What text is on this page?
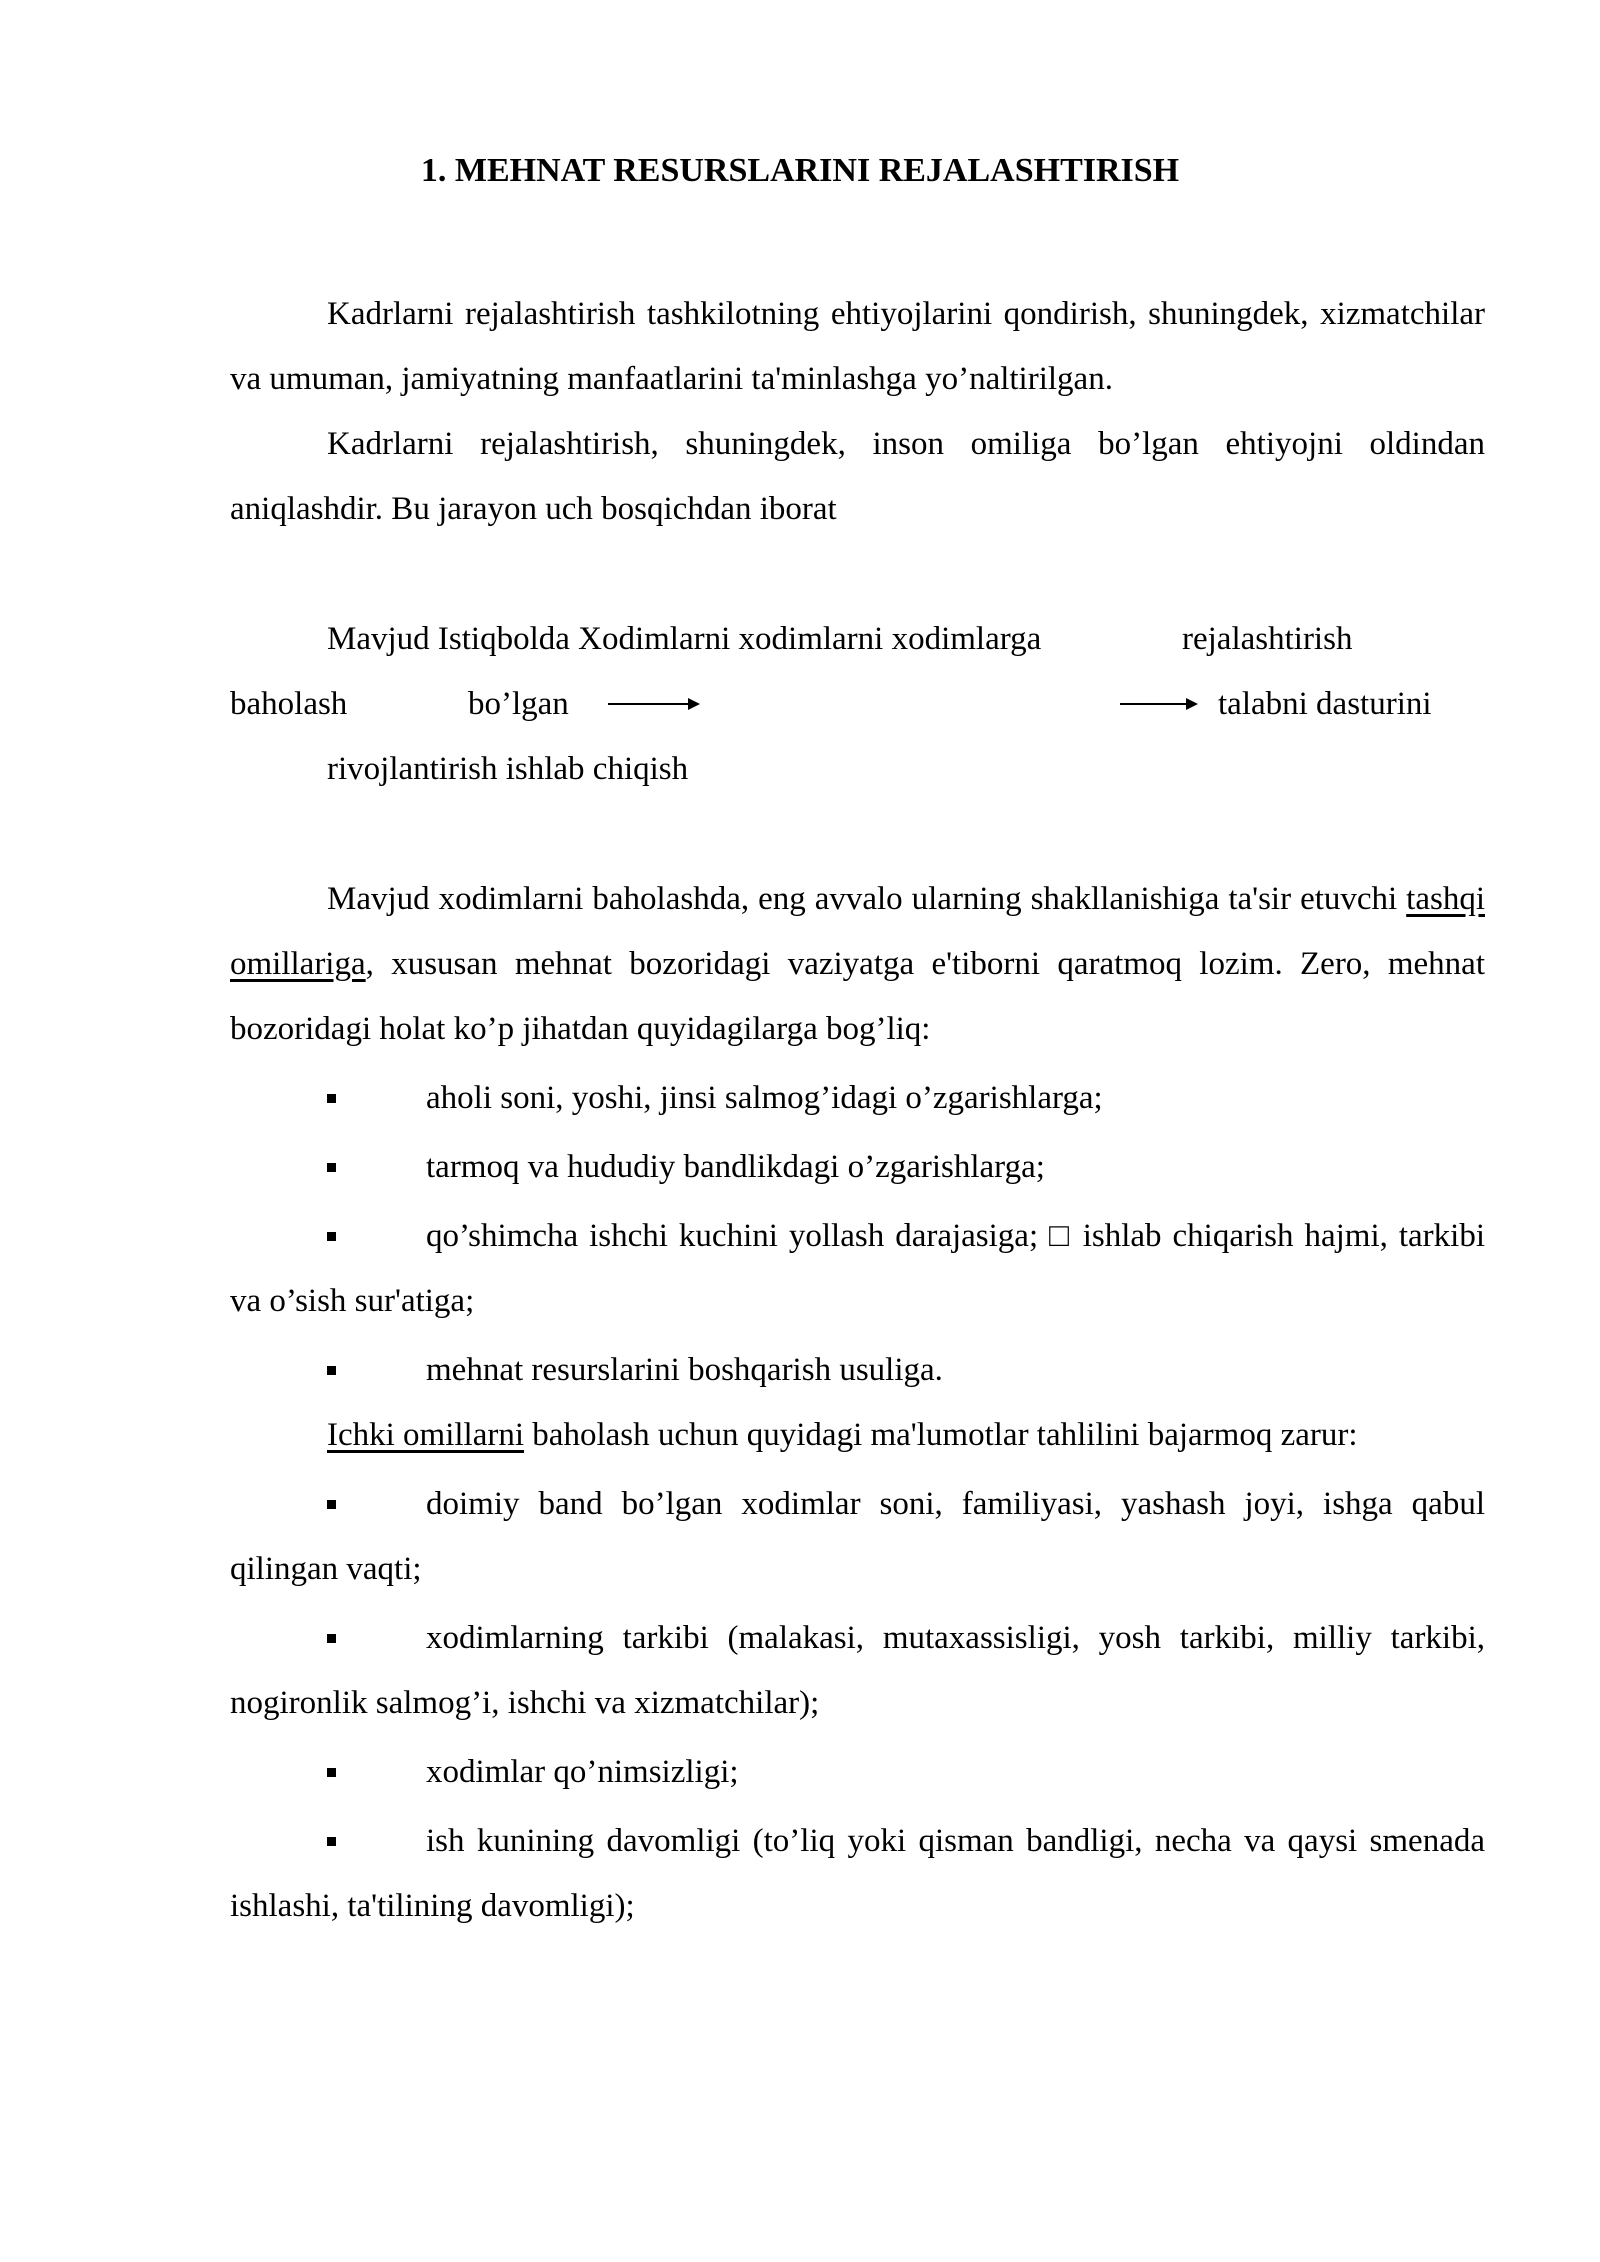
1. MEHNAT RESURSLARINI REJALASHTIRISH

Kadrlarni rejalashtirish tashkilotning ehtiyojlarini qondirish, shuningdek, xizmatchilar va umuman, jamiyatning manfaatlarini ta'minlashga yo’naltirilgan.

Kadrlarni rejalashtirish, shuningdek, inson omiliga bo’lgan ehtiyojni oldindan aniqlashdir. Bu jarayon uch bosqichdan iborat

Mavjud Istiqbolda Xodimlarni xodimlarni xodimlarga	rejalashtirish
baholash	bo’lgan	talabni dasturini
rivojlantirish ishlab chiqish

Mavjud xodimlarni baholashda, eng avvalo ularning shakllanishiga ta'sir etuvchi tashqi omillariga, xususan mehnat bozoridagi vaziyatga e'tiborni qaratmoq lozim. Zero, mehnat bozoridagi holat ko’p jihatdan quyidagilarga bog’liq:

aholi soni, yoshi, jinsi salmog’idagi o’zgarishlarga;

tarmoq va hududiy bandlikdagi o’zgarishlarga;

qo’shimcha ishchi kuchini yollash darajasiga; □ ishlab chiqarish hajmi, tarkibi va o’sish sur'atiga;

mehnat resurslarini boshqarish usuliga.

Ichki omillarni baholash uchun quyidagi ma'lumotlar tahlilini bajarmoq zarur:

doimiy band bo’lgan xodimlar soni, familiyasi, yashash joyi, ishga qabul qilingan vaqti;

xodimlarning tarkibi (malakasi, mutaxassisligi, yosh tarkibi, milliy tarkibi, nogironlik salmog’i, ishchi va xizmatchilar);

xodimlar qo’nimsizligi;

ish kunining davomligi (to’liq yoki qisman bandligi, necha va qaysi smenada ishlashi, ta'tilining davomligi);
